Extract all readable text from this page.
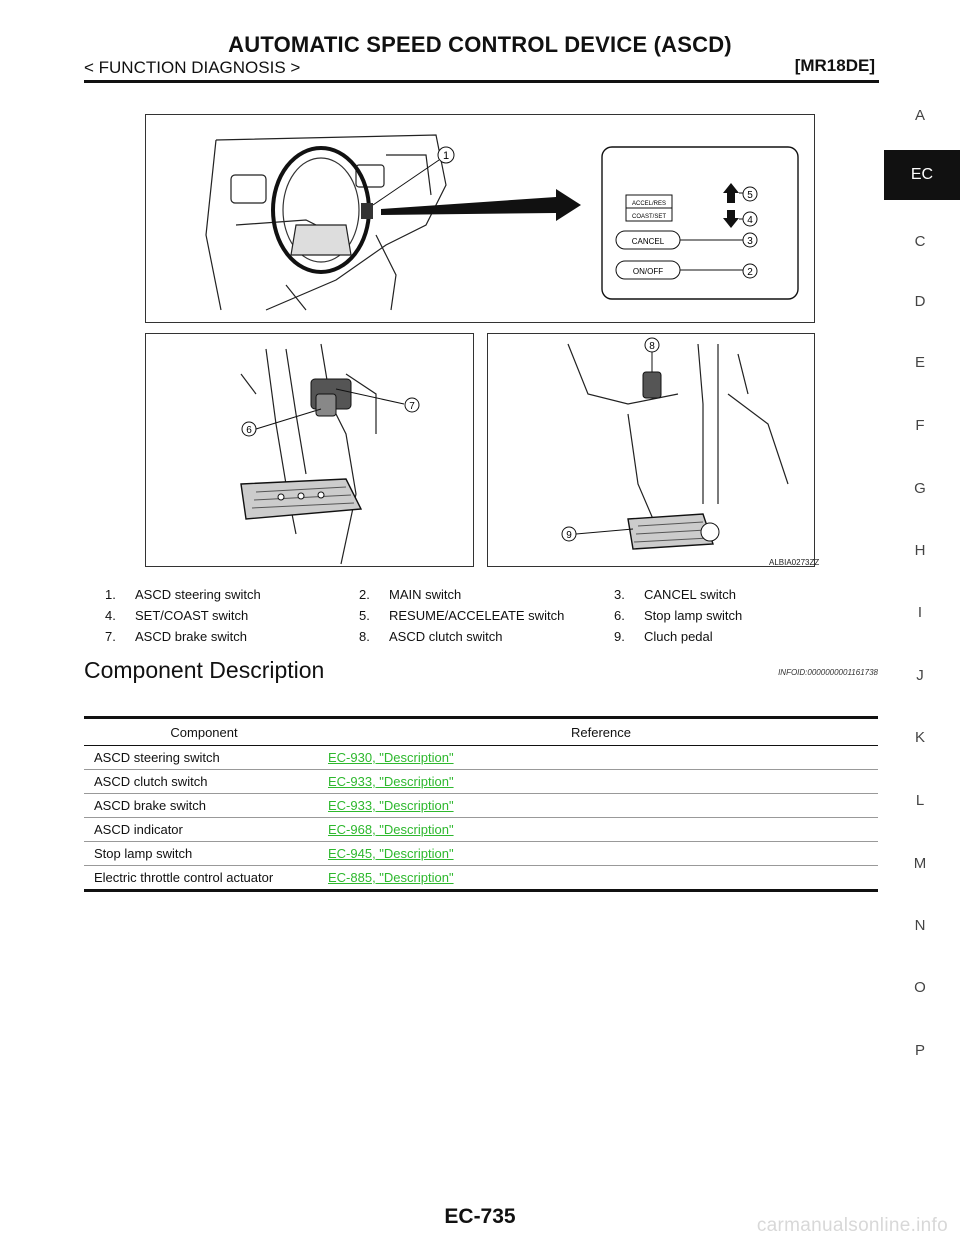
AUTOMATIC SPEED CONTROL DEVICE (ASCD)
< FUNCTION DIAGNOSIS >	[MR18DE]
A
EC
C
D
E
F
G
H
I
J
K
L
M
N
O
P
1
ACCEL/RES
COAST/SET
CANCEL
ON/OFF
5
4
3
2
7
6
8
9
ALBIA0273ZZ
1.	ASCD steering switch	2.	MAIN switch	3.	CANCEL switch
4.	SET/COAST switch	5.	RESUME/ACCELEATE switch	6.	Stop lamp switch
7.	ASCD brake switch	8.	ASCD clutch switch	9.	Cluch pedal
Component Description	INFOID:0000000001161738
Component	Reference
ASCD steering switch	EC-930, "Description"
ASCD clutch switch	EC-933, "Description"
ASCD brake switch	EC-933, "Description"
ASCD indicator	EC-968, "Description"
Stop lamp switch	EC-945, "Description"
Electric throttle control actuator	EC-885, "Description"
EC-735	carmanualsonline.info
